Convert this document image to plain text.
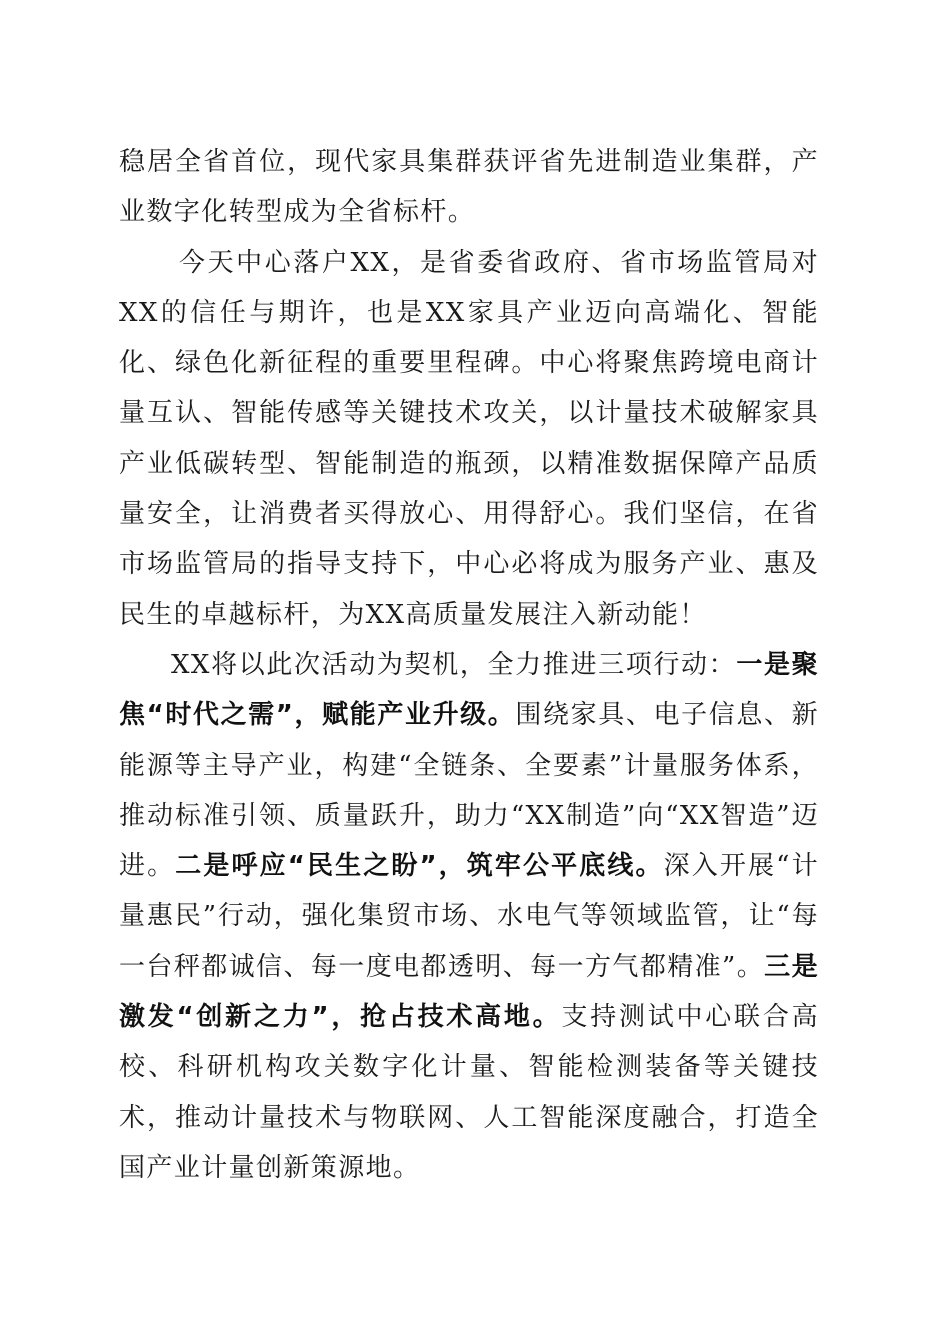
稳居全省首位，现代家具集群获评省先进制造业集群，产业数字化转型成为全省标杆。

今天中心落户XX，是省委省政府、省市场监管局对XX的信任与期许，也是XX家具产业迈向高端化、智能化、绿色化新征程的重要里程碑。中心将聚焦跨境电商计量互认、智能传感等关键技术攻关，以计量技术破解家具产业低碳转型、智能制造的瓶颈，以精准数据保障产品质量安全，让消费者买得放心、用得舒心。我们坚信，在省市场监管局的指导支持下，中心必将成为服务产业、惠及民生的卓越标杆，为XX高质量发展注入新动能！

XX将以此次活动为契机，全力推进三项行动：一是聚焦“时代之需”，赋能产业升级。围绕家具、电子信息、新能源等主导产业，构建“全链条、全要素”计量服务体系，推动标准引领、质量跃升，助力“XX制造”向“XX智造”迈进。二是呼应“民生之盼”，筑牢公平底线。深入开展“计量惠民”行动，强化集贸市场、水电气等领域监管，让“每一台秤都诚信、每一度电都透明、每一方气都精准”。三是激发“创新之力”，抢占技术高地。支持测试中心联合高校、科研机构攻关数字化计量、智能检测装备等关键技术，推动计量技术与物联网、人工智能深度融合，打造全国产业计量创新策源地。
